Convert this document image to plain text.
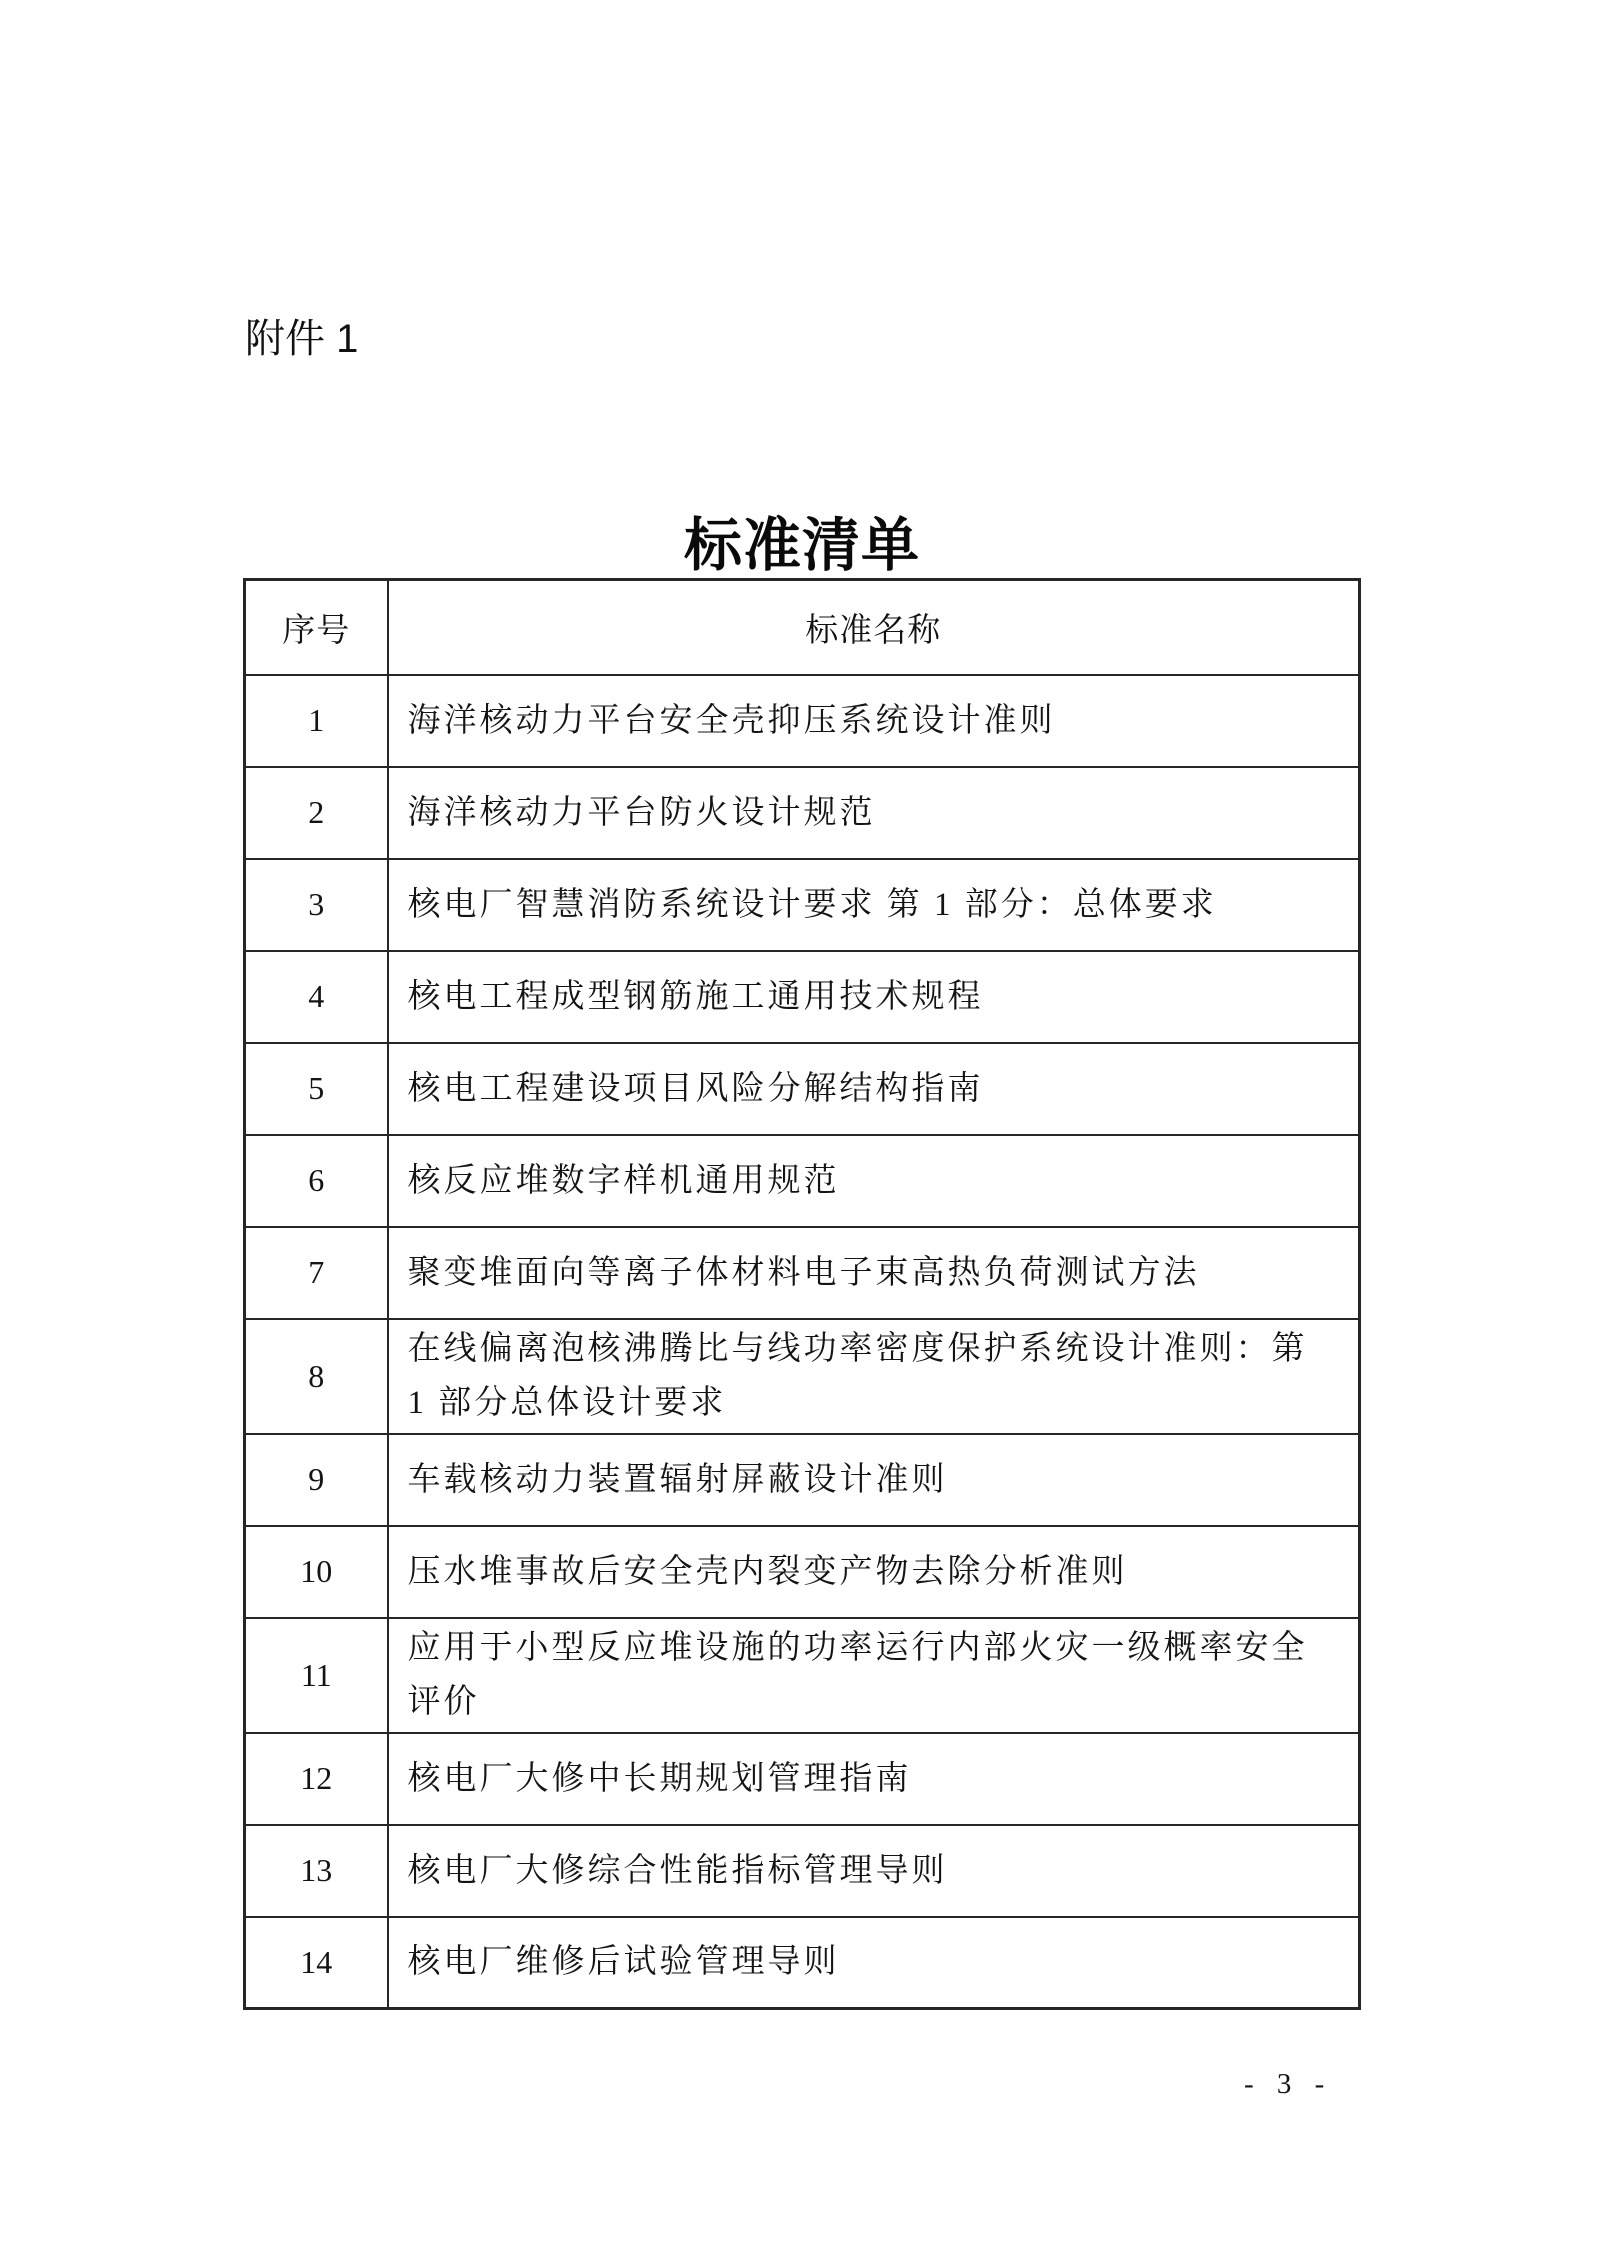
附件 1
标准清单
序号	标准名称
1	海洋核动力平台安全壳抑压系统设计准则
2	海洋核动力平台防火设计规范
3	核电厂智慧消防系统设计要求 第 1 部分：总体要求
4	核电工程成型钢筋施工通用技术规程
5	核电工程建设项目风险分解结构指南
6	核反应堆数字样机通用规范
7	聚变堆面向等离子体材料电子束高热负荷测试方法
8	在线偏离泡核沸腾比与线功率密度保护系统设计准则：第
1 部分总体设计要求
9	车载核动力装置辐射屏蔽设计准则
10	压水堆事故后安全壳内裂变产物去除分析准则
11	应用于小型反应堆设施的功率运行内部火灾一级概率安全
评价
12	核电厂大修中长期规划管理指南
13	核电厂大修综合性能指标管理导则
14	核电厂维修后试验管理导则
- 3 -
